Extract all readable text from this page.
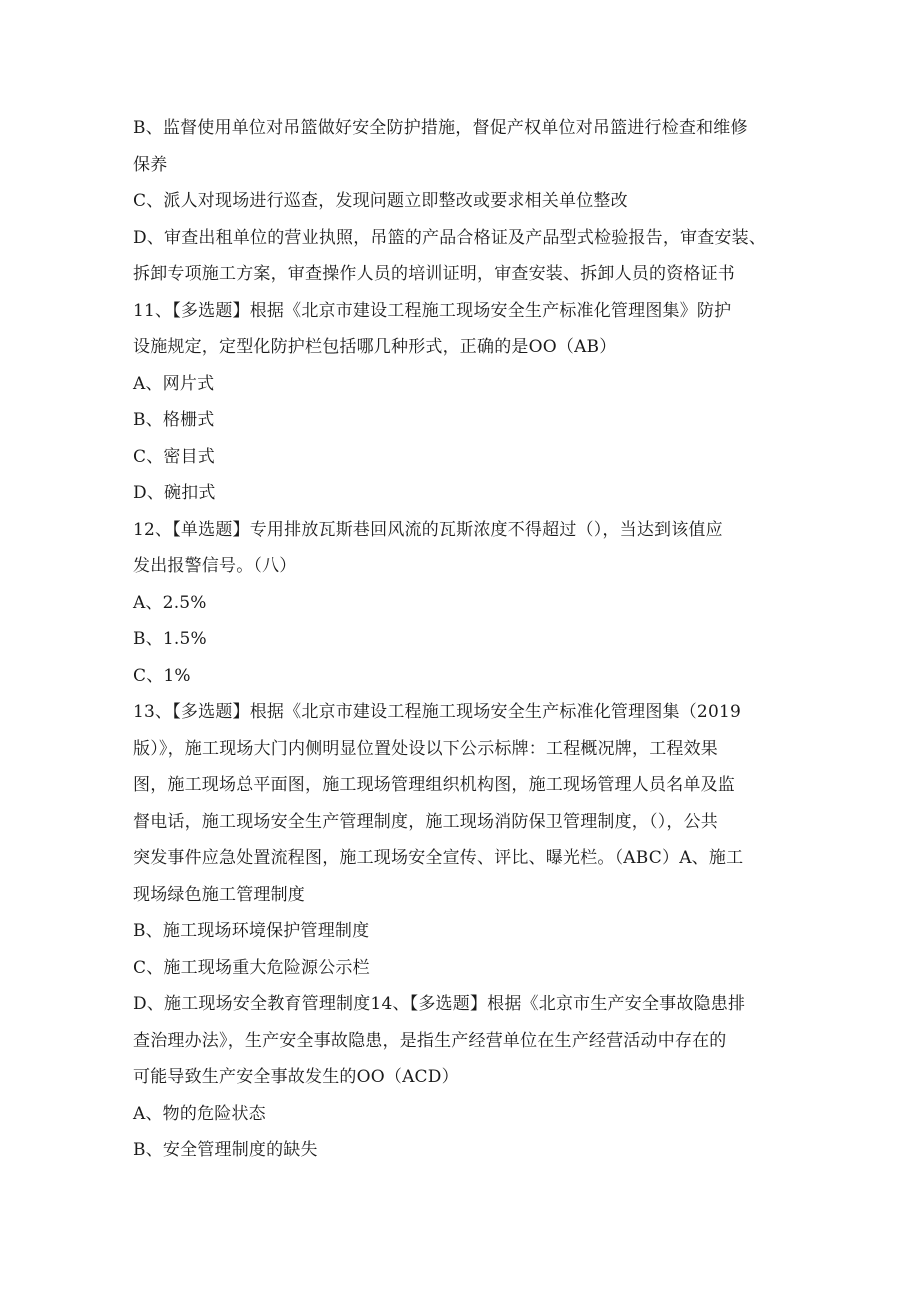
B、监督使用单位对吊篮做好安全防护措施，督促产权单位对吊篮进行检查和维修
保养
C、派人对现场进行巡查，发现问题立即整改或要求相关单位整改
D、审查出租单位的营业执照，吊篮的产品合格证及产品型式检验报告，审查安装、
拆卸专项施工方案，审查操作人员的培训证明，审查安装、拆卸人员的资格证书
11、【多选题】根据《北京市建设工程施工现场安全生产标准化管理图集》防护
设施规定，定型化防护栏包括哪几种形式，正确的是OO（AB）
A、网片式
B、格栅式
C、密目式
D、碗扣式
12、【单选题】专用排放瓦斯巷回风流的瓦斯浓度不得超过（），当达到该值应
发出报警信号。（八）
A、2.5%
B、1.5%
C、1%
13、【多选题】根据《北京市建设工程施工现场安全生产标准化管理图集（2019
版）》，施工现场大门内侧明显位置处设以下公示标牌：工程概况牌，工程效果
图，施工现场总平面图，施工现场管理组织机构图，施工现场管理人员名单及监
督电话，施工现场安全生产管理制度，施工现场消防保卫管理制度，（），公共
突发事件应急处置流程图，施工现场安全宣传、评比、曝光栏。（ABC）A、施工
现场绿色施工管理制度
B、施工现场环境保护管理制度
C、施工现场重大危险源公示栏
D、施工现场安全教育管理制度14、【多选题】根据《北京市生产安全事故隐患排
查治理办法》，生产安全事故隐患，是指生产经营单位在生产经营活动中存在的
可能导致生产安全事故发生的OO（ACD）
A、物的危险状态
B、安全管理制度的缺失
